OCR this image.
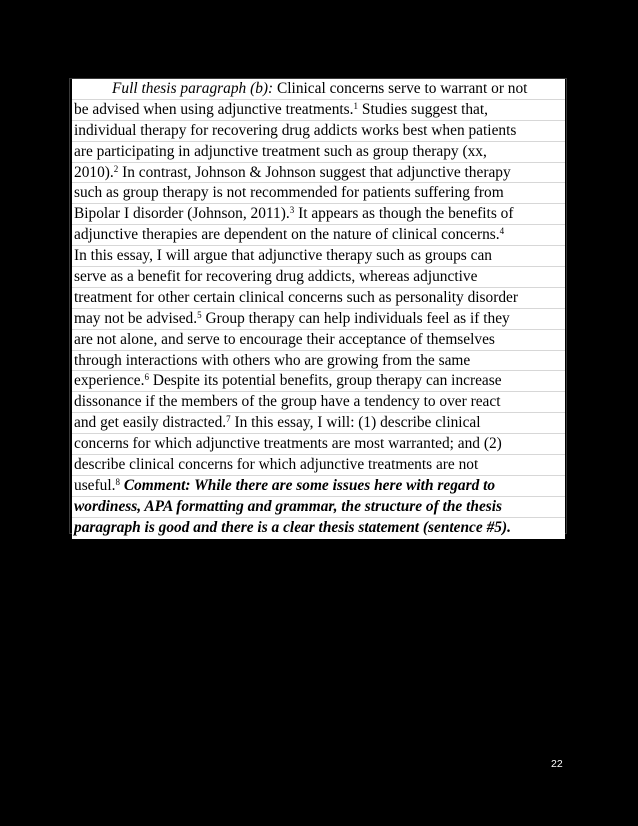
Full thesis paragraph (b): Clinical concerns serve to warrant or not
be advised when using adjunctive treatments.$^1$ Studies suggest that,
individual therapy for recovering drug addicts works best when patients
are participating in adjunctive treatment such as group therapy (xx,
2010).$^2$ In contrast, Johnson & Johnson suggest that adjunctive therapy
such as group therapy is not recommended for patients suffering from
Bipolar I disorder (Johnson, 2011).$^3$ It appears as though the benefits of
adjunctive therapies are dependent on the nature of clinical concerns.$^4$
In this essay, I will argue that adjunctive therapy such as groups can
serve as a benefit for recovering drug addicts, whereas adjunctive
treatment for other certain clinical concerns such as personality disorder
may not be advised.$^5$ Group therapy can help individuals feel as if they
are not alone, and serve to encourage their acceptance of themselves
through interactions with others who are growing from the same
experience.$^6$ Despite its potential benefits, group therapy can increase
dissonance if the members of the group have a tendency to over react
and get easily distracted.$^7$ In this essay, I will: (1) describe clinical
concerns for which adjunctive treatments are most warranted; and (2)
describe clinical concerns for which adjunctive treatments are not
useful.$^8$ Comment: While there are some issues here with regard to
wordiness, APA formatting and grammar, the structure of the thesis
paragraph is good and there is a clear thesis statement (sentence #5).
22
